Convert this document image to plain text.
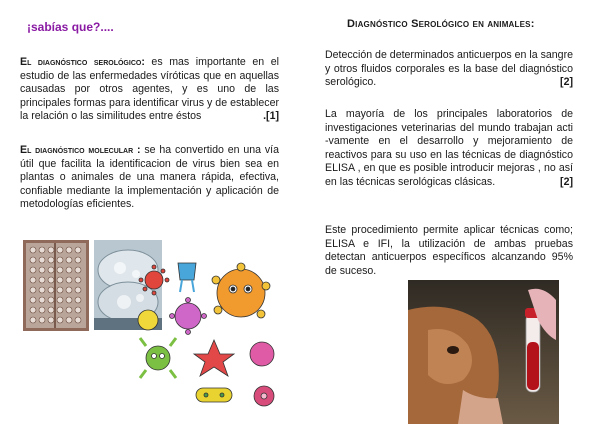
¡sabías que?....
El diagnóstico serológico: es mas importante en el estudio de las enfermedades víróticas que en aquellas causadas por otros agentes, y es uno de las principales formas para identificar virus y de establecer la relación o las similitudes entre éstos	.[1]
El diagnóstico molecular : se ha convertido en una vía útil que facilita la identificacion de virus bien sea en plantas o animales de una manera rápida, efectiva, confiable mediante la implementación y aplicación de metodologías eficientes.
Diagnóstico Serológico en animales:
Detección de determinados anticuerpos en la sangre y otros fluidos corporales es la base del diagnóstico serológico.	[2]
La mayoría de los principales laboratorios de investigaciones veterinarias del mundo trabajan acti -vamente en el desarrollo y mejoramiento de reactivos para su uso en las técnicas de diagnóstico ELISA , en que es posible introducir mejoras , no así en las técnicas serológicas clásicas.	[2]
Este procedimiento permite aplicar técnicas como; ELISA e IFI, la utilización de ambas pruebas detectan anticuerpos específicos alcanzando 95% de suceso.
